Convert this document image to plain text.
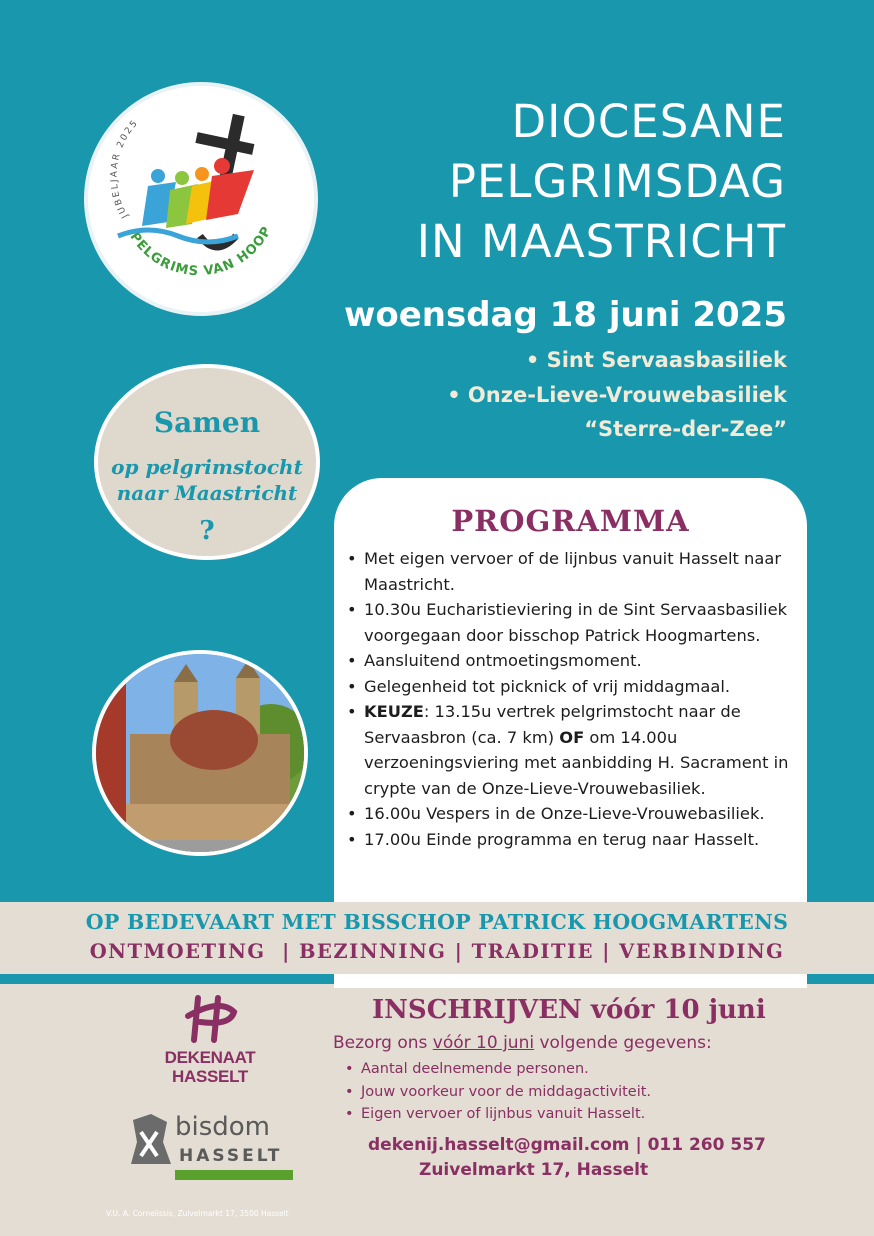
JUBELJAAR 2025
PELGRIMS VAN HOOP
DIOCESANE
PELGRIMSDAG
IN MAASTRICHT
woensdag 18 juni 2025
• Sint Servaasbasiliek
• Onze-Lieve-Vrouwebasiliek
“Sterre-der-Zee”
Samen
op pelgrimstocht
naar Maastricht
?	PROGRAMMA
• Met eigen vervoer of de lijnbus vanuit Hasselt naar Maastricht.
• 10.30u Eucharistieviering in de Sint Servaasbasiliek voorgegaan door bisschop Patrick Hoogmartens.
• Aansluitend ontmoetingsmoment.
• Gelegenheid tot picknick of vrij middagmaal.
• KEUZE: 13.15u vertrek pelgrimstocht naar de Servaasbron (ca. 7 km) OF om 14.00u verzoeningsviering met aanbidding H. Sacrament in crypte van de Onze-Lieve-Vrouwebasiliek.
• 16.00u Vespers in de Onze-Lieve-Vrouwebasiliek.
• 17.00u Einde programma en terug naar Hasselt.
OP BEDEVAART MET BISSCHOP PATRICK HOOGMARTENS
ONTMOETING  | BEZINNING | TRADITIE | VERBINDING
INSCHRIJVEN vóór 10 juni
Bezorg ons vóór 10 juni volgende gegevens:
• Aantal deelnemende personen.
• Jouw voorkeur voor de middagactiviteit.
• Eigen vervoer of lijnbus vanuit Hasselt.
dekenij.hasselt@gmail.com | 011 260 557
Zuivelmarkt 17, Hasselt
DEKENAAT
HASSELT
bisdom
HASSELT
V.U. A. Cornelissis, Zuivelmarkt 17, 3500 Hasselt
